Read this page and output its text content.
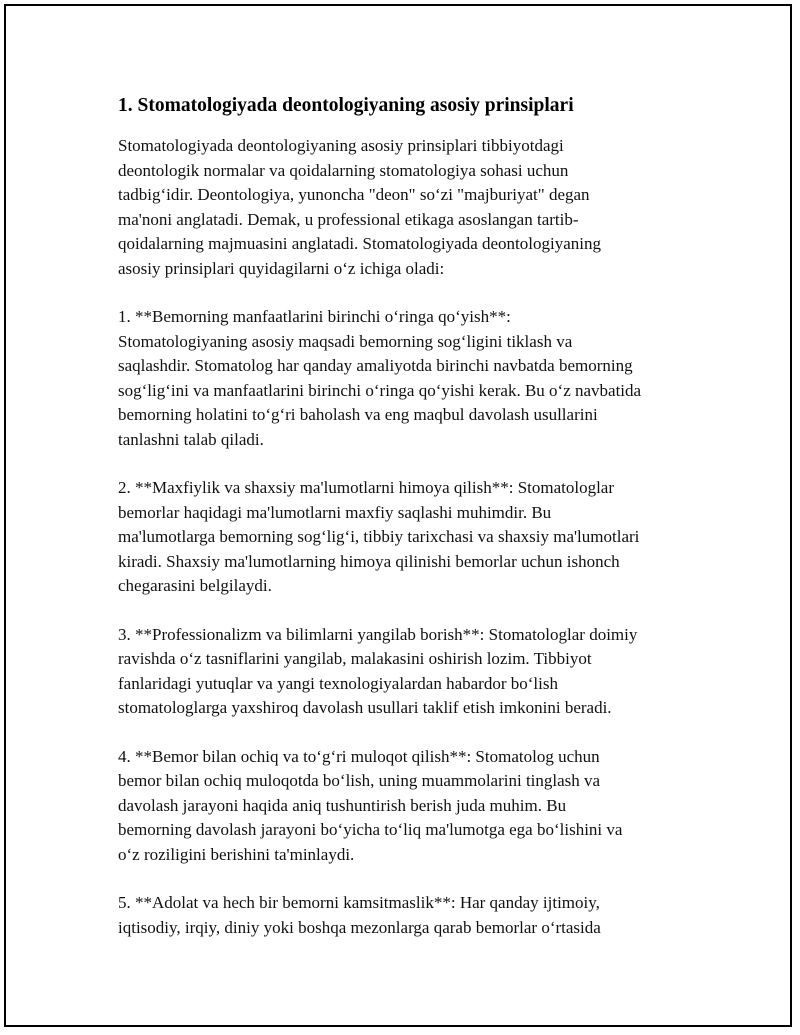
1. Stomatologiyada deontologiyaning asosiy prinsiplari
Stomatologiyada deontologiyaning asosiy prinsiplari tibbiyotdagi
deontologik normalar va qoidalarning stomatologiya sohasi uchun
tadbig‘idir. Deontologiya, yunoncha "deon" so‘zi "majburiyat" degan
ma'noni anglatadi. Demak, u professional etikaga asoslangan tartib-
qoidalarning majmuasini anglatadi. Stomatologiyada deontologiyaning
asosiy prinsiplari quyidagilarni o‘z ichiga oladi:
1. **Bemorning manfaatlarini birinchi o‘ringa qo‘yish**:
Stomatologiyaning asosiy maqsadi bemorning sog‘ligini tiklash va
saqlashdir. Stomatolog har qanday amaliyotda birinchi navbatda bemorning
sog‘lig‘ini va manfaatlarini birinchi o‘ringa qo‘yishi kerak. Bu o‘z navbatida
bemorning holatini to‘g‘ri baholash va eng maqbul davolash usullarini
tanlashni talab qiladi.
2. **Maxfiylik va shaxsiy ma'lumotlarni himoya qilish**: Stomatologlar
bemorlar haqidagi ma'lumotlarni maxfiy saqlashi muhimdir. Bu
ma'lumotlarga bemorning sog‘lig‘i, tibbiy tarixchasi va shaxsiy ma'lumotlari
kiradi. Shaxsiy ma'lumotlarning himoya qilinishi bemorlar uchun ishonch
chegarasini belgilaydi.
3. **Professionalizm va bilimlarni yangilab borish**: Stomatologlar doimiy
ravishda o‘z tasniflarini yangilab, malakasini oshirish lozim. Tibbiyot
fanlaridagi yutuqlar va yangi texnologiyalardan habardor bo‘lish
stomatologlarga yaxshiroq davolash usullari taklif etish imkonini beradi.
4. **Bemor bilan ochiq va to‘g‘ri muloqot qilish**: Stomatolog uchun
bemor bilan ochiq muloqotda bo‘lish, uning muammolarini tinglash va
davolash jarayoni haqida aniq tushuntirish berish juda muhim. Bu
bemorning davolash jarayoni bo‘yicha to‘liq ma'lumotga ega bo‘lishini va
o‘z roziligini berishini ta'minlaydi.
5. **Adolat va hech bir bemorni kamsitmaslik**: Har qanday ijtimoiy,
iqtisodiy, irqiy, diniy yoki boshqa mezonlarga qarab bemorlar o‘rtasida
